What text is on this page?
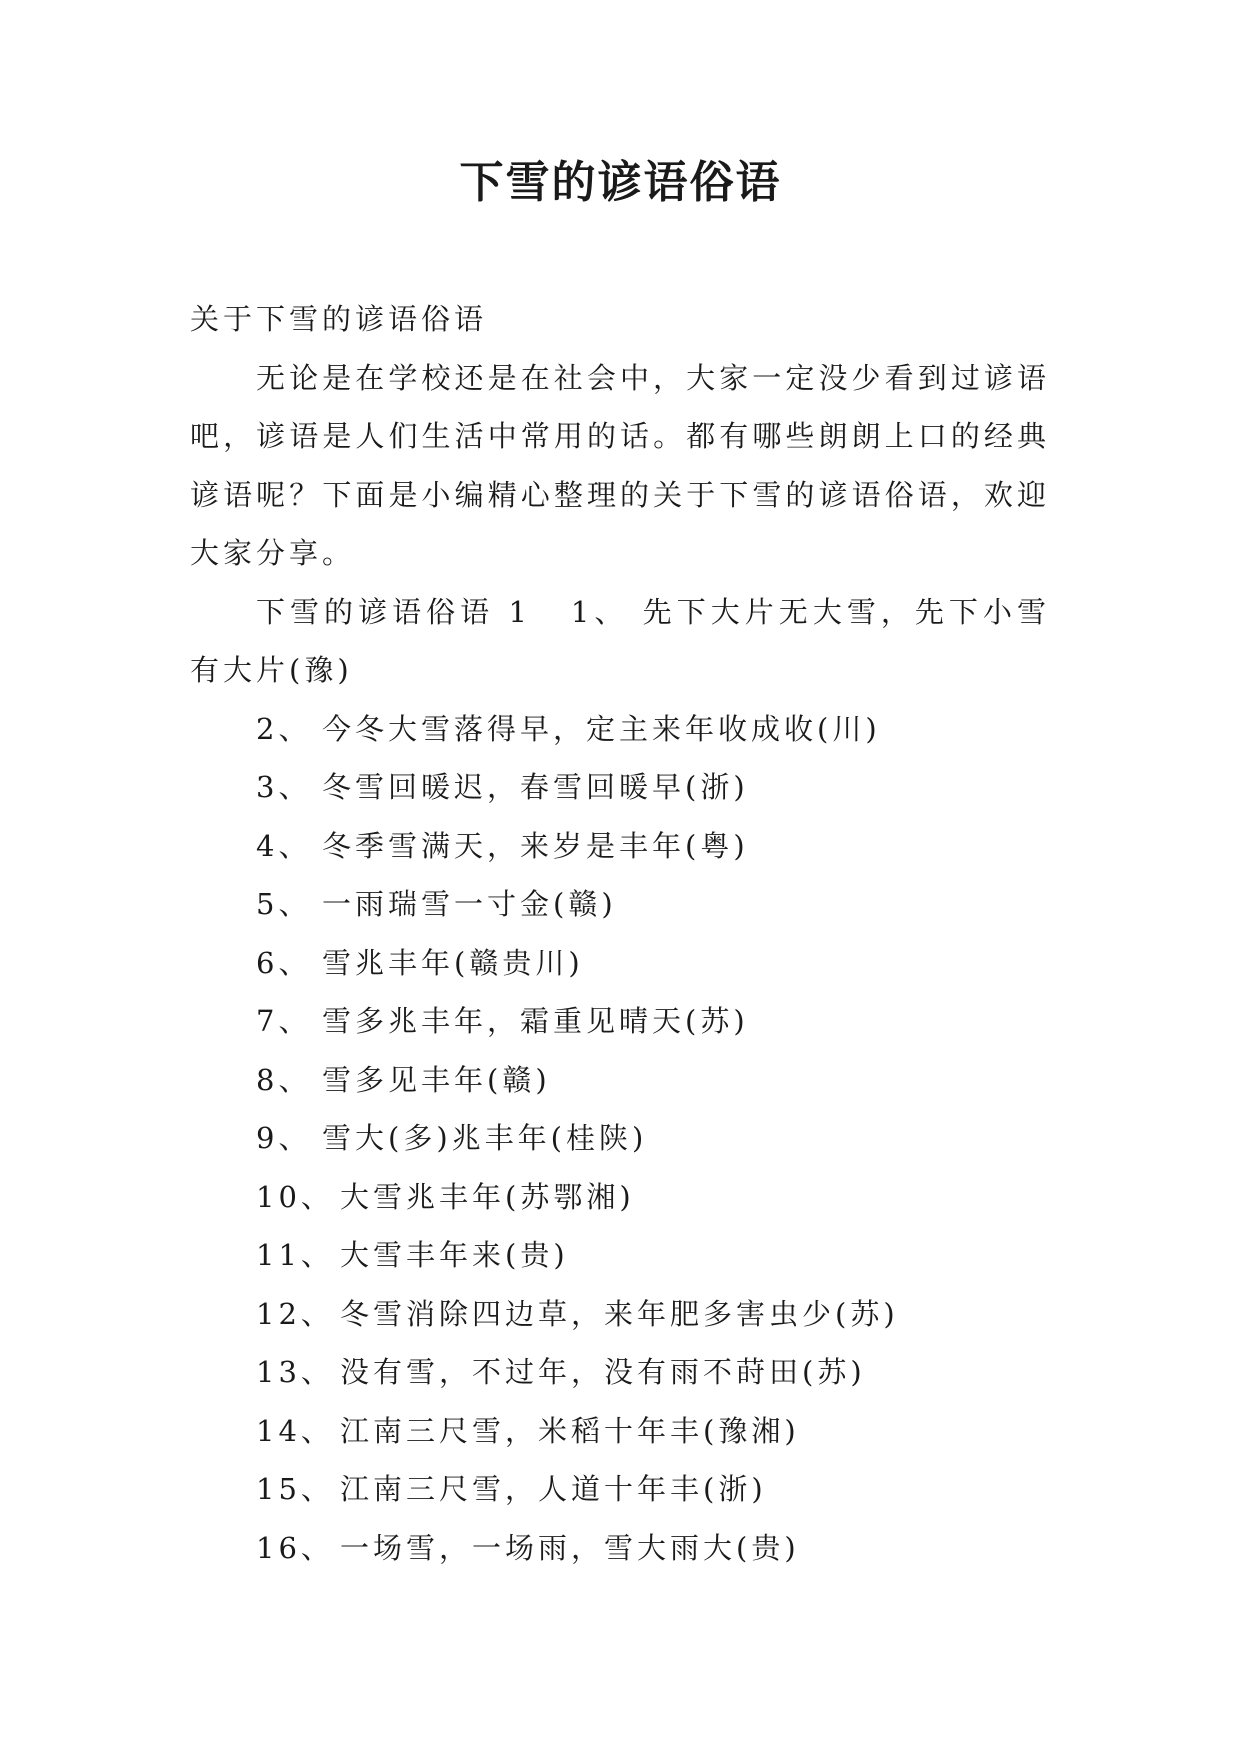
下雪的谚语俗语

关于下雪的谚语俗语

无论是在学校还是在社会中，大家一定没少看到过谚语吧，谚语是人们生活中常用的话。都有哪些朗朗上口的经典谚语呢？下面是小编精心整理的关于下雪的谚语俗语，欢迎大家分享。

下雪的谚语俗语 1 1、 先下大片无大雪，先下小雪有大片(豫)

2、 今冬大雪落得早，定主来年收成收(川)
3、 冬雪回暖迟，春雪回暖早(浙)
4、 冬季雪满天，来岁是丰年(粤)
5、 一雨瑞雪一寸金(赣)
6、 雪兆丰年(赣贵川)
7、 雪多兆丰年，霜重见晴天(苏)
8、 雪多见丰年(赣)
9、 雪大(多)兆丰年(桂陕)
10、 大雪兆丰年(苏鄂湘)
11、 大雪丰年来(贵)
12、 冬雪消除四边草，来年肥多害虫少(苏)
13、 没有雪，不过年，没有雨不莳田(苏)
14、 江南三尺雪，米稻十年丰(豫湘)
15、 江南三尺雪，人道十年丰(浙)
16、 一场雪，一场雨，雪大雨大(贵)
